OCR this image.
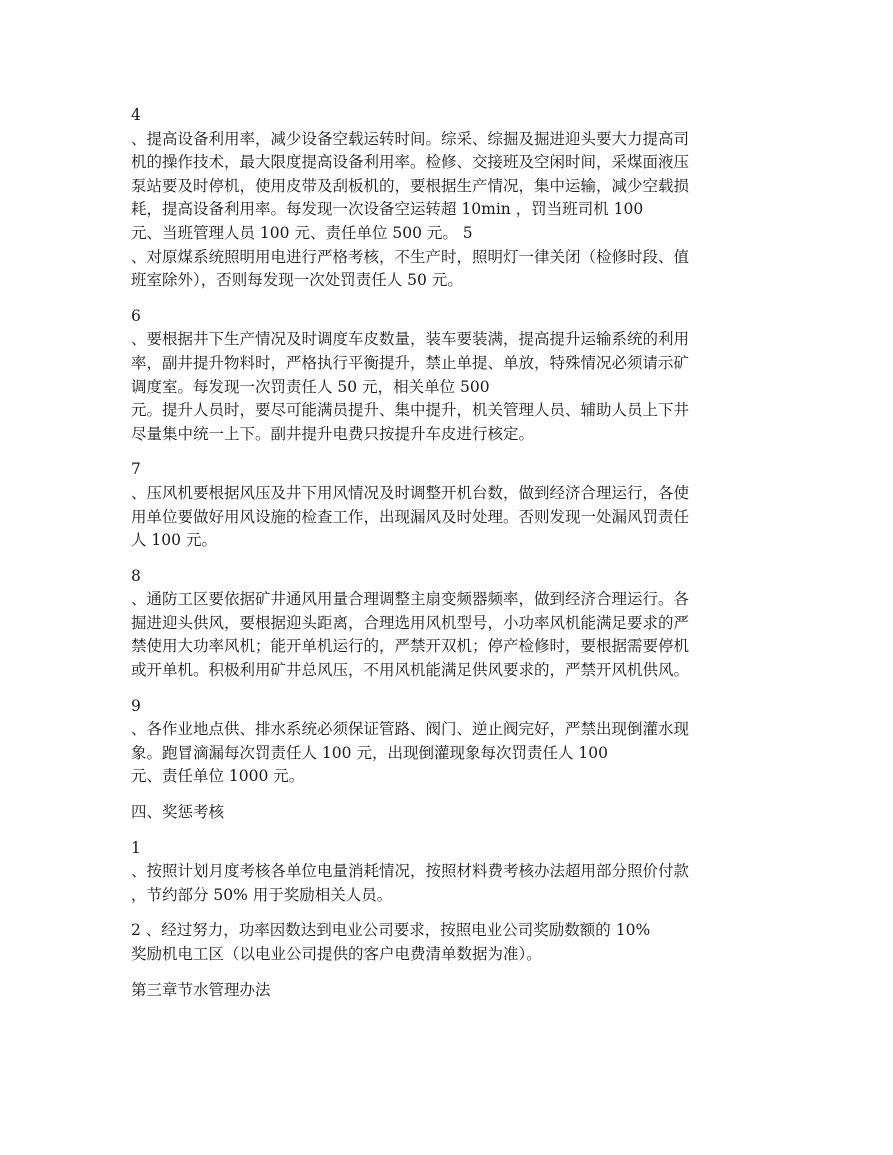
4
、提高设备利用率，减少设备空载运转时间。综采、综掘及掘进迎头要大力提高司
机的操作技术，最大限度提高设备利用率。检修、交接班及空闲时间，采煤面液压
泵站要及时停机，使用皮带及刮板机的，要根据生产情况，集中运输，减少空载损
耗，提高设备利用率。每发现一次设备空运转超 10min ，罚当班司机 100
元、当班管理人员 100 元、责任单位 500 元。 5
、对原煤系统照明用电进行严格考核，不生产时，照明灯一律关闭（检修时段、值
班室除外），否则每发现一次处罚责任人 50 元。
6
、要根据井下生产情况及时调度车皮数量，装车要装满，提高提升运输系统的利用
率，副井提升物料时，严格执行平衡提升，禁止单提、单放，特殊情况必须请示矿
调度室。每发现一次罚责任人 50 元，相关单位 500
元。提升人员时，要尽可能满员提升、集中提升，机关管理人员、辅助人员上下井
尽量集中统一上下。副井提升电费只按提升车皮进行核定。
7
、压风机要根据风压及井下用风情况及时调整开机台数，做到经济合理运行，各使
用单位要做好用风设施的检查工作，出现漏风及时处理。否则发现一处漏风罚责任
人 100 元。
8
、通防工区要依据矿井通风用量合理调整主扇变频器频率，做到经济合理运行。各
掘进迎头供风，要根据迎头距离，合理选用风机型号，小功率风机能满足要求的严
禁使用大功率风机；能开单机运行的，严禁开双机；停产检修时，要根据需要停机
或开单机。积极利用矿井总风压，不用风机能满足供风要求的，严禁开风机供风。
9
、各作业地点供、排水系统必须保证管路、阀门、逆止阀完好，严禁出现倒灌水现
象。跑冒滴漏每次罚责任人 100 元，出现倒灌现象每次罚责任人 100
元、责任单位 1000 元。
四、奖惩考核
1
、按照计划月度考核各单位电量消耗情况，按照材料费考核办法超用部分照价付款
，节约部分 50% 用于奖励相关人员。
2 、经过努力，功率因数达到电业公司要求，按照电业公司奖励数额的 10%
奖励机电工区（以电业公司提供的客户电费清单数据为准）。
第三章节水管理办法
